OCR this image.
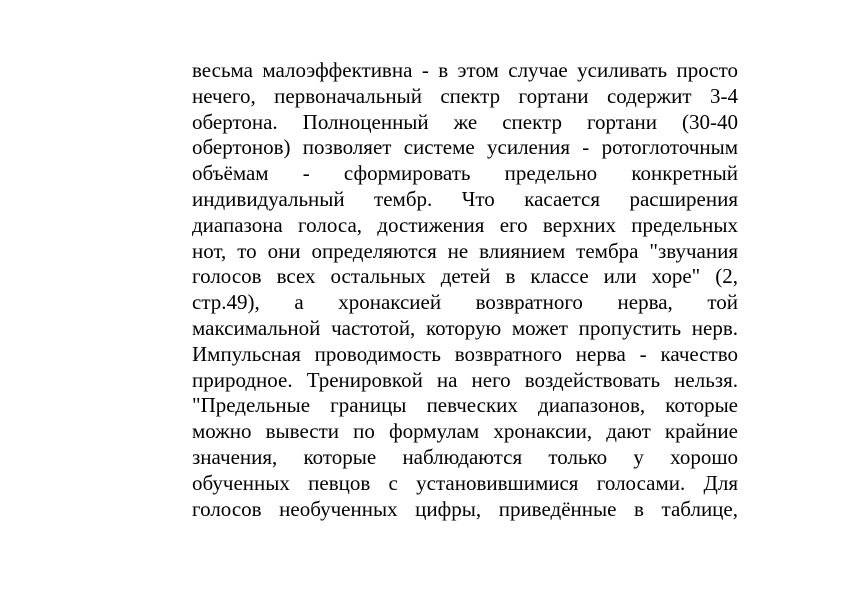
весьма малоэффективна - в этом случае усиливать просто
нечего, первоначальный спектр гортани содержит 3-4
обертона. Полноценный же спектр гортани (30-40
обертонов) позволяет системе усиления - ротоглоточным
объёмам - сформировать предельно конкретный
индивидуальный тембр. Что касается расширения
диапазона голоса, достижения его верхних предельных
нот, то они определяются не влиянием тембра "звучания
голосов всех остальных детей в классе или хоре" (2,
стр.49), а хронаксией возвратного нерва, той
максимальной частотой, которую может пропустить нерв.
Импульсная проводимость возвратного нерва - качество
природное. Тренировкой на него воздействовать нельзя.
"Предельные границы певческих диапазонов, которые
можно вывести по формулам хронаксии, дают крайние
значения, которые наблюдаются только у хорошо
обученных певцов с установившимися голосами. Для
голосов необученных цифры, приведённые в таблице,
